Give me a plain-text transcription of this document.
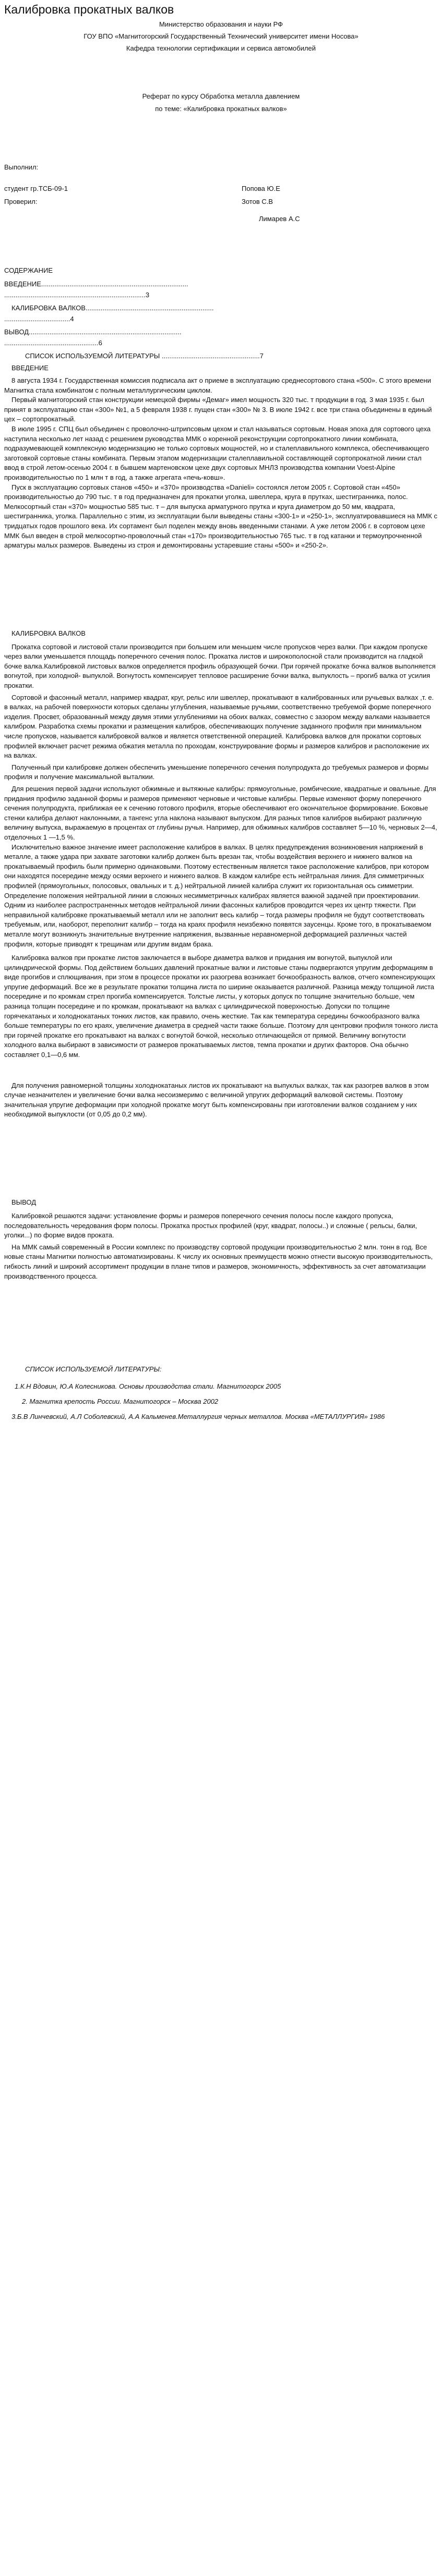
Калибровка прокатных валков

Министерство образования и науки РФ

ГОУ ВПО «Магнитогорский Государственный Технический университет имени Носова»

Кафедра технологии сертификации и сервиса автомобилей

Реферат по курсу Обработка металла давлением

по теме: «Калибровка прокатных валков»

Выполнил:

студент гр.ТСБ-09-1	Попова Ю.Е

Проверил:	Зотов С.В

Лимарев А.С

СОДЕРЖАНИЕ

ВВЕДЕНИЕ..............................................................................

...........................................................................3

КАЛИБРОВКА ВАЛКОВ....................................................................

...................................4

ВЫВОД.................................................................................

..................................................6

СПИСОК ИСПОЛЬЗУЕМОЙ ЛИТЕРАТУРЫ ....................................................7

ВВЕДЕНИЕ

8 августа 1934 г. Государственная комиссия подписала акт о приеме в эксплуатацию среднесортового стана «500». С этого времени Магнитка стала комбинатом с полным металлургическим циклом.

Первый магнитогорский стан конструкции немецкой фирмы «Демаг» имел мощность 320 тыс. т продукции в год. 3 мая 1935 г. был принят в эксплуатацию стан «300» №1, а 5 февраля 1938 г. пущен стан «300» № 3. В июле 1942 г. все три стана объединены в единый цех – сортопрокатный.

В июле 1995 г. СПЦ был объединен с проволочно-штрипсовым цехом и стал называться сортовым. Новая эпоха для сортового цеха наступила несколько лет назад с решением руководства ММК о коренной реконструкции сортопрокатного линии комбината, подразумевающей комплексную модернизацию не только сортовых мощностей, но и сталеплавильного комплекса, обеспечивающего заготовкой сортовые станы комбината. Первым этапом модернизации сталеплавильной составляющей сортопрокатной линии стал ввод в строй летом-осенью 2004 г. в бывшем мартеновском цехе двух сортовых МНЛЗ производства компании Voest-Alpine производительностью по 1 млн т в год, а также агрегата «печь-ковш».

Пуск в эксплуатацию сортовых станов «450» и «370» производства «Danieli» состоялся летом 2005 г. Сортовой стан «450» производительностью до 790 тыс. т в год предназначен для прокатки уголка, швеллера, круга в прутках, шестигранника, полос. Мелкосортный стан «370» мощностью 585 тыс. т – для выпуска арматурного прутка и круга диаметром до 50 мм, квадрата, шестигранника, уголка. Параллельно с этим, из эксплуатации были выведены станы «300-1» и «250-1», эксплуатировавшиеся на ММК с тридцатых годов прошлого века. Их сортамент был поделен между вновь введенными станами. А уже летом 2006 г. в сортовом цехе ММК был введен в строй мелкосортно-проволочный стан «170» производительностью 765 тыс. т в год катанки и термоупрочненной арматуры малых размеров. Выведены из строя и демонтированы устаревшие станы «500» и «250-2».

КАЛИБРОВКА ВАЛКОВ

Прокатка сортовой и листовой стали производится при большем или меньшем числе пропусков через валки. При каждом пропуске через валки уменьшается площадь поперечного сечения полос. Прокатка листов и широкополосной стали производится на гладкой бочке валка.Калибровкой листовых валков определяется профиль образующей бочки. При горячей прокатке бочка валков выполняется вогнутой, при холодной- выпуклой. Вогнутость компенсирует тепловое расширение бочки валка, выпуклость – прогиб валка от усилия прокатки.

Сортовой и фасонный металл, например квадрат, круг, рельс или швеллер, прокатывают в калиброванных или ручьевых валках ,т. е. в валках, на рабочей поверхности которых сделаны углубления, называемые ручьями, соответственно требуемой форме поперечного изделия. Просвет, образованный между двумя этими углублениями на обоих валках, совместно с зазором между валками называется калибром. Разработка схемы прокатки и размещения калибров, обеспечивающих получение заданного профиля при минимальном числе пропусков, называется калибровкой валков и является ответственной операцией. Калибровка валков для прокатки сортовых профилей включает расчет режима обжатия металла по проходам, конструирование формы и размеров калибров и расположение их на валках.

Полученный при калибровке должен обеспечить уменьшение поперечного сечения полупродукта до требуемых размеров и формы профиля и получение максимальной выталкии.

Для решения первой задачи используют обжимные и вытяжные калибры: прямоугольные, ромбические, квадратные и овальные. Для придания профилю заданной формы и размеров применяют черновые и чистовые калибры. Первые изменяют форму поперечного сечения полупродукта, приближая ее к сечению готового профиля, вторые обеспечивают его окончательное формирование. Боковые стенки калибра делают наклонными, а тангенс угла наклона называют выпуском. Для разных типов калибров выбирают различную величину выпуска, выражаемую в процентах от глубины ручья. Например, для обжимных калибров составляет 5—10 %, черновых 2—4, отделочных 1 —1,5 %.

Исключительно важное значение имеет расположение калибров в валках. В целях предупреждения возникновения напряжений в металле, а также удара при захвате заготовки калибр должен быть врезан так, чтобы воздействия верхнего и нижнего валков на прокатываемый профиль были примерно одинаковыми. Поэтому естественным является такое расположение калибров, при котором они находятся посередине между осями верхнего и нижнего валков. В каждом калибре есть нейтральная линия. Для симметричных профилей (прямоугольных, полосовых, овальных и т. д.) нейтральной линией калибра служит их горизонтальная ось симметрии. Определение положения нейтральной линии в сложных несимметричных калибрах является важной задачей при проектировании. Одним из наиболее распространенных методов нейтральной линии фасонных калибров проводится через их центр тяжести. При неправильной калибровке прокатываемый металл или не заполнит весь калибр – тогда размеры профиля не будут соответствовать требуемым, или, наоборот, переполнит калибр – тогда на краях профиля неизбежно появятся заусенцы. Кроме того, в прокатываемом металле могут возникнуть значительные внутренние напряжения, вызванные неравномерной деформацией различных частей профиля, которые приводят к трещинам или другим видам брака.

Калибровка валков при прокатке листов заключается в выборе диаметра валков и придания им вогнутой, выпуклой или цилиндрической формы. Под действием больших давлений прокатные валки и листовые станы подвергаются упругим деформациям в виде прогибов и сплющивания, при этом в процессе прокатки их разогрева возникает бочкообразность валков, отчего компенсирующих упругие деформаций. Все же в результате прокатки толщина листа по ширине оказывается различной. Разница между толщиной листа посередине и по кромкам стрел прогиба компенсируется. Толстые листы, у которых допуск по толщине значительно больше, чем разница толщин посередине и по кромкам, прокатывают на валках с цилиндрической поверхностью. Допуски по толщине горячекатаных и холоднокатаных тонких листов, как правило, очень жесткие. Так как температура середины бочкообразного валка больше температуры по его краях, увеличение диаметра в средней части также больше. Поэтому для центровки профиля тонкого листа при горячей прокатке его прокатывают на валках с вогнутой бочкой, несколько отличающейся от прямой. Величину вогнутости холодного валка выбирают в зависимости от размеров прокатываемых листов, темпа прокатки и других факторов. Она обычно составляет 0,1—0,6 мм.

Для получения равномерной толщины холоднокатаных листов их прокатывают на выпуклых валках, так как разогрев валков в этом случае незначителен и увеличение бочки валка несоизмеримо с величиной упругих деформаций валковой системы. Поэтому значительная упругие деформации при холодной прокатке могут быть компенсированы при изготовлении валков созданием у них необходимой выпуклости (от 0,05 до 0,2 мм).

ВЫВОД

Калибровкой решаются задачи: установление формы и размеров поперечного сечения полосы после каждого пропуска, последовательность чередования форм полосы. Прокатка простых профилей (круг, квадрат, полосы..) и сложные ( рельсы, балки, уголки...) по форме видов проката.

На ММК самый современный в России комплекс по производству сортовой продукции производительностью 2 млн. тонн в год. Все новые станы Магнитки полностью автоматизированы. К числу их основных преимуществ можно отнести высокую производительность, гибкость линий и широкий ассортимент продукции в плане типов и размеров, экономичность, эффективность за счет автоматизации производственного процесса.

СПИСОК ИСПОЛЬЗУЕМОЙ ЛИТЕРАТУРЫ:

1.К.Н Вдовин, Ю.А Колесникова. Основы производства стали. Магнитогорск 2005

2. Магнитка крепость России. Магнитогорск – Москва 2002

3.Б.В Линчевский, А.Л Соболевский, А.А Кальменев.Металлургия черных металлов. Москва «МЕТАЛЛУРГИЯ» 1986
